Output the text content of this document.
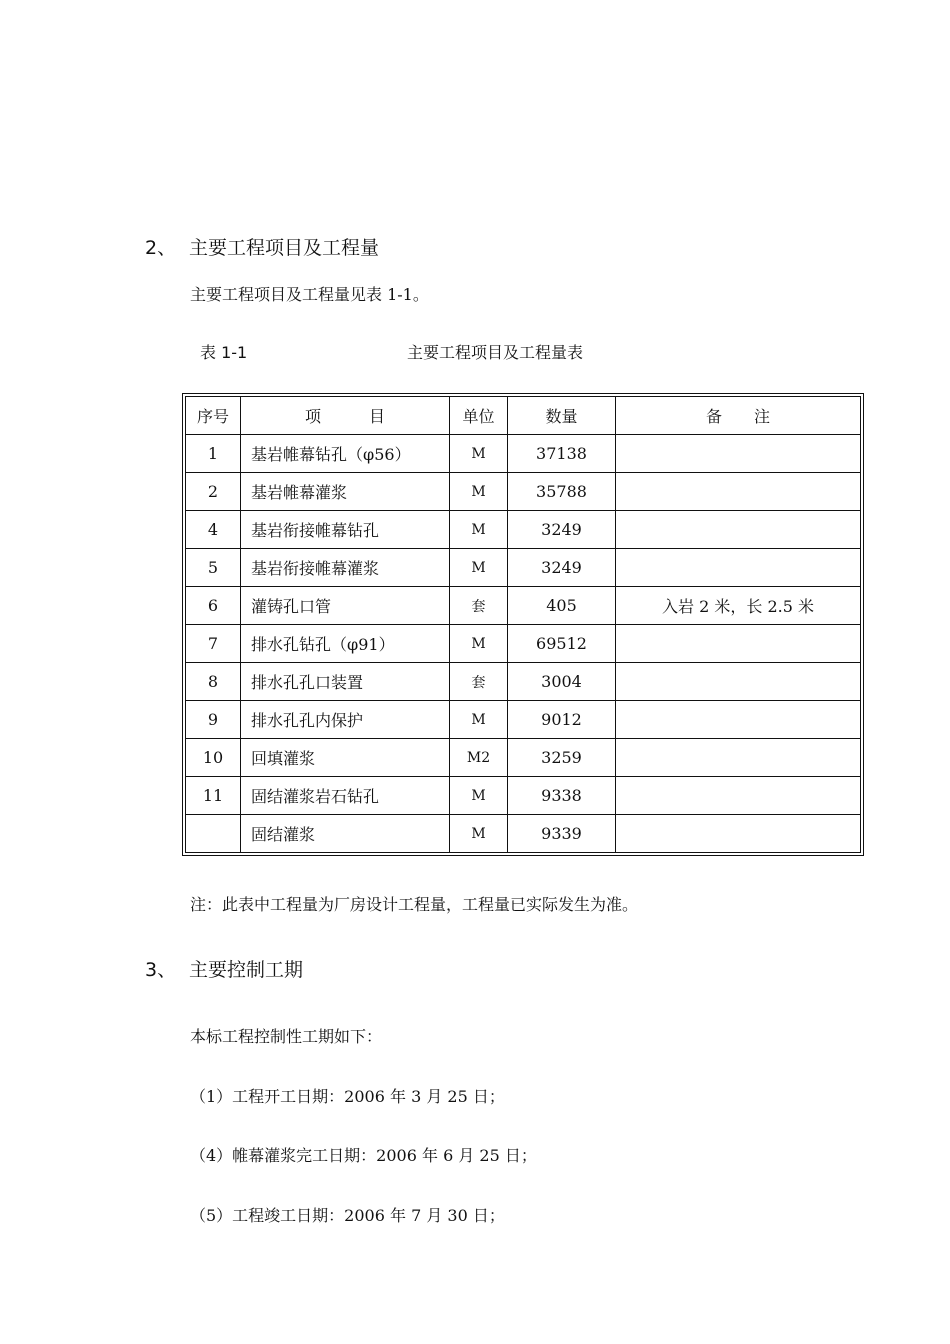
2、 主要工程项目及工程量
主要工程项目及工程量见表 1-1。
表 1-1	主要工程项目及工程量表
序号	项　　　目	单位	数量	备　　注
1	基岩帷幕钻孔（φ56）	M	37138	
2	基岩帷幕灌浆	M	35788	
4	基岩衔接帷幕钻孔	M	3249	
5	基岩衔接帷幕灌浆	M	3249	
6	灌铸孔口管	套	405	入岩 2 米，长 2.5 米
7	排水孔钻孔（φ91）	M	69512	
8	排水孔孔口装置	套	3004	
9	排水孔孔内保护	M	9012	
10	回填灌浆	M2	3259	
11	固结灌浆岩石钻孔	M	9338	
	固结灌浆	M	9339	
注：此表中工程量为厂房设计工程量，工程量已实际发生为准。
3、 主要控制工期
本标工程控制性工期如下：
（1）工程开工日期：2006 年 3 月 25 日；
（4）帷幕灌浆完工日期：2006 年 6 月 25 日；
（5）工程竣工日期：2006 年 7 月 30 日；
